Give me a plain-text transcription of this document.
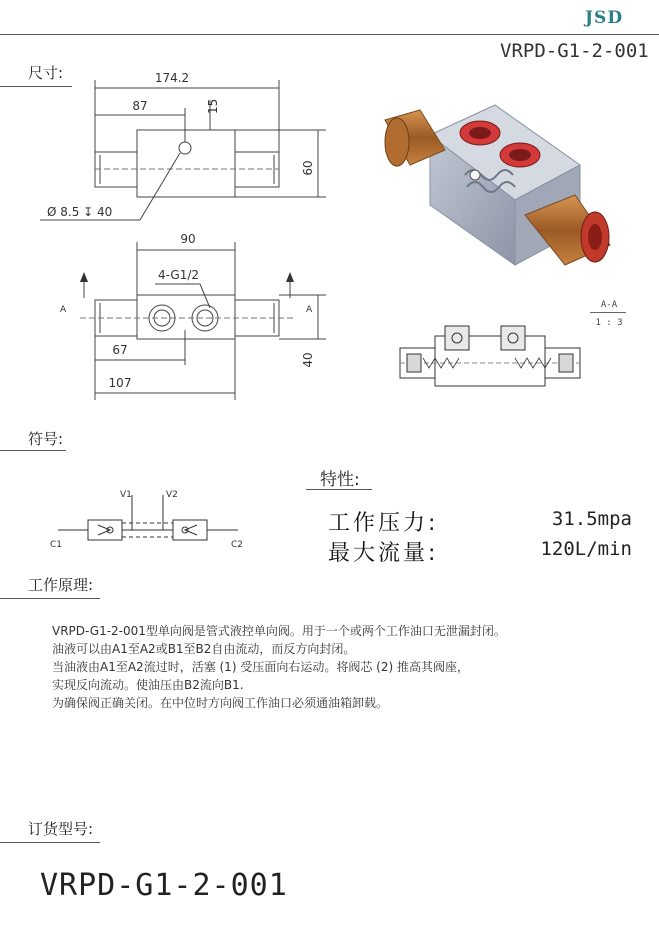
JSD
VRPD-G1-2-001
尺寸:	174.2
87	15
60
Ø 8.5 ↧ 40
90
4-G1/2
67
107
40
A	A	A-A
1 : 3
符号:
V1	V2
C1	C2
特性:
工作压力:	31.5mpa
最大流量:	120L/min
工作原理:
VRPD-G1-2-001型单向阀是管式液控单向阀。用于一个或两个工作油口无泄漏封闭。
油液可以由A1至A2或B1至B2自由流动，而反方向封闭。
当油液由A1至A2流过时，活塞 (1) 受压面向右运动。将阀芯 (2) 推高其阀座，
实现反向流动。使油压由B2流向B1.
为确保阀正确关闭。在中位时方向阀工作油口必须通油箱卸载。
订货型号:
VRPD-G1-2-001
